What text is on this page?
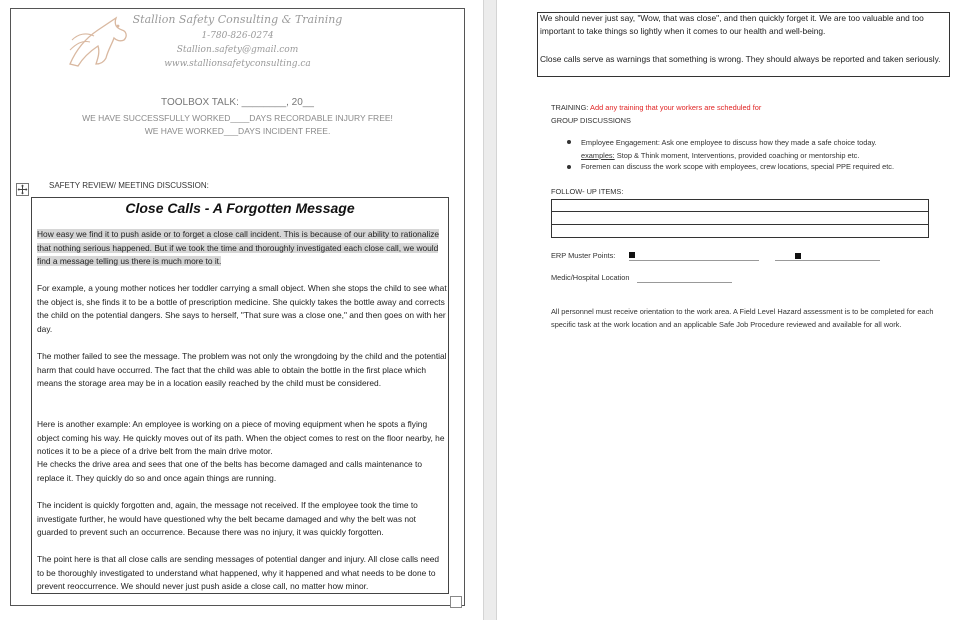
Stallion Safety Consulting & Training
1-780-826-0274
Stallion.safety@gmail.com
www.stallionsafetyconsulting.ca
TOOLBOX TALK: ________, 20__
WE HAVE SUCCESSFULLY WORKED____DAYS RECORDABLE INJURY FREE!
WE HAVE WORKED___DAYS INCIDENT FREE.
SAFETY REVIEW/ MEETING DISCUSSION:
Close Calls - A Forgotten Message
How easy we find it to push aside or to forget a close call incident. This is because of our ability to rationalize that nothing serious happened. But if we took the time and thoroughly investigated each close call, we would find a message telling us there is much more to it.
For example, a young mother notices her toddler carrying a small object. When she stops the child to see what the object is, she finds it to be a bottle of prescription medicine. She quickly takes the bottle away and corrects the child on the potential dangers. She says to herself, "That sure was a close one," and then goes on with her day.
The mother failed to see the message. The problem was not only the wrongdoing by the child and the potential harm that could have occurred. The fact that the child was able to obtain the bottle in the first place which means the storage area may be in a location easily reached by the child must be considered.
Here is another example: An employee is working on a piece of moving equipment when he spots a flying object coming his way. He quickly moves out of its path. When the object comes to rest on the floor nearby, he notices it to be a piece of a drive belt from the main drive motor.
He checks the drive area and sees that one of the belts has become damaged and calls maintenance to replace it. They quickly do so and once again things are running.
The incident is quickly forgotten and, again, the message not received. If the employee took the time to investigate further, he would have questioned why the belt became damaged and why the belt was not guarded to prevent such an occurrence. Because there was no injury, it was quickly forgotten.
The point here is that all close calls are sending messages of potential danger and injury. All close calls need to be thoroughly investigated to understand what happened, why it happened and what needs to be done to prevent reoccurrence. We should never just push aside a close call, no matter how minor.
We should never just say, "Wow, that was close", and then quickly forget it. We are too valuable and too important to take things so lightly when it comes to our health and well-being.
Close calls serve as warnings that something is wrong. They should always be reported and taken seriously.
TRAINING: Add any training that your workers are scheduled for
GROUP DISCUSSIONS
Employee Engagement: Ask one employee to discuss how they made a safe choice today.
examples: Stop & Think moment, Interventions, provided coaching or mentorship etc.
Foremen can discuss the work scope with employees, crew locations, special PPE required etc.
FOLLOW- UP ITEMS:
ERP Muster Points:
Medic/Hospital Location
All personnel must receive orientation to the work area. A Field Level Hazard assessment is to be completed for each specific task at the work location and an applicable Safe Job Procedure reviewed and available for all work.
